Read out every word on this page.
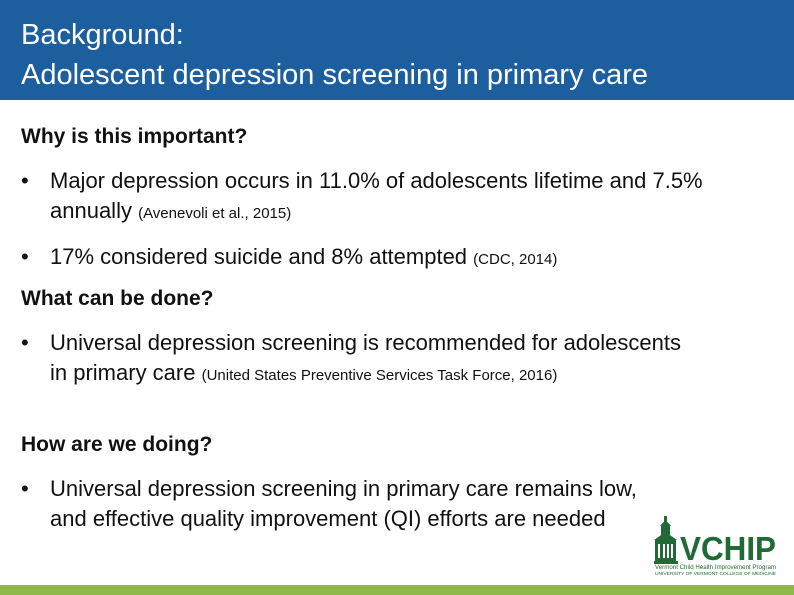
Background:
Adolescent depression screening in primary care
Why is this important?
• Major depression occurs in 11.0% of adolescents lifetime and 7.5% annually (Avenevoli et al., 2015)
• 17% considered suicide and 8% attempted (CDC, 2014)
What can be done?
• Universal depression screening is recommended for adolescents in primary care (United States Preventive Services Task Force, 2016)
How are we doing?
• Universal depression screening in primary care remains low, and effective quality improvement (QI) efforts are needed
VCHIP
Vermont Child Health Improvement Program
UNIVERSITY OF VERMONT COLLEGE OF MEDICINE
